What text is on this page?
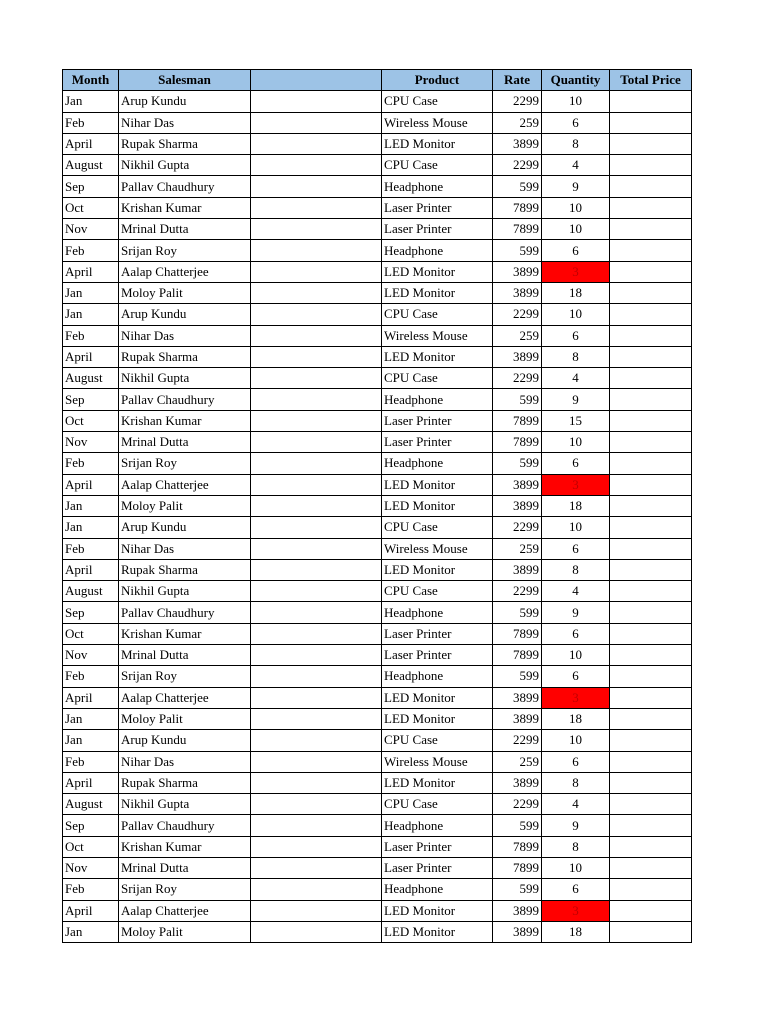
Month	Salesman		Product	Rate	Quantity	Total Price
Jan	Arup Kundu		CPU Case	2299	10	
Feb	Nihar Das		Wireless Mouse	259	6	
April	Rupak Sharma		LED Monitor	3899	8	
August	Nikhil Gupta		CPU Case	2299	4	
Sep	Pallav Chaudhury		Headphone	599	9	
Oct	Krishan Kumar		Laser Printer	7899	10	
Nov	Mrinal Dutta		Laser Printer	7899	10	
Feb	Srijan Roy		Headphone	599	6	
April	Aalap Chatterjee		LED Monitor	3899	3	
Jan	Moloy Palit		LED Monitor	3899	18	
Jan	Arup Kundu		CPU Case	2299	10	
Feb	Nihar Das		Wireless Mouse	259	6	
April	Rupak Sharma		LED Monitor	3899	8	
August	Nikhil Gupta		CPU Case	2299	4	
Sep	Pallav Chaudhury		Headphone	599	9	
Oct	Krishan Kumar		Laser Printer	7899	15	
Nov	Mrinal Dutta		Laser Printer	7899	10	
Feb	Srijan Roy		Headphone	599	6	
April	Aalap Chatterjee		LED Monitor	3899	3	
Jan	Moloy Palit		LED Monitor	3899	18	
Jan	Arup Kundu		CPU Case	2299	10	
Feb	Nihar Das		Wireless Mouse	259	6	
April	Rupak Sharma		LED Monitor	3899	8	
August	Nikhil Gupta		CPU Case	2299	4	
Sep	Pallav Chaudhury		Headphone	599	9	
Oct	Krishan Kumar		Laser Printer	7899	6	
Nov	Mrinal Dutta		Laser Printer	7899	10	
Feb	Srijan Roy		Headphone	599	6	
April	Aalap Chatterjee		LED Monitor	3899	3	
Jan	Moloy Palit		LED Monitor	3899	18	
Jan	Arup Kundu		CPU Case	2299	10	
Feb	Nihar Das		Wireless Mouse	259	6	
April	Rupak Sharma		LED Monitor	3899	8	
August	Nikhil Gupta		CPU Case	2299	4	
Sep	Pallav Chaudhury		Headphone	599	9	
Oct	Krishan Kumar		Laser Printer	7899	8	
Nov	Mrinal Dutta		Laser Printer	7899	10	
Feb	Srijan Roy		Headphone	599	6	
April	Aalap Chatterjee		LED Monitor	3899	3	
Jan	Moloy Palit		LED Monitor	3899	18	
